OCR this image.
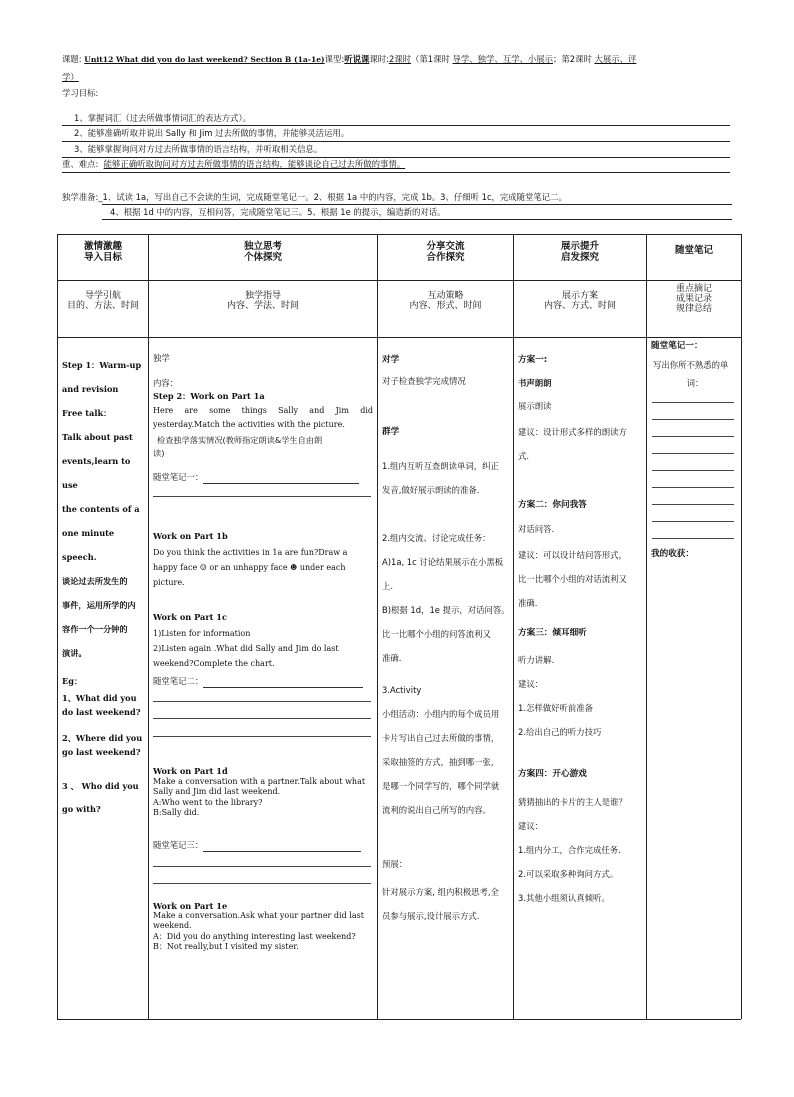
课题: Unit12 What did you do last weekend? Section B (1a-1e)课型:听说课课时:2课时（第1课时 导学、独学、互学、小展示；第2课时 大展示、评
学）
学习目标:
1、掌握词汇（过去所做事情词汇的表达方式）。
2、能够准确听取并说出 Sally 和 Jim 过去所做的事情，并能够灵活运用。
3、能够掌握询问对方过去所做事情的语言结构，并听取相关信息。
重、难点: 能够正确听取询问对方过去所做事情的语言结构，能够谈论自己过去所做的事情。
独学准备:_1、试读 1a，写出自己不会读的生词，完成随堂笔记一。2、根据 1a 中的内容，完成 1b。3、仔细听 1c，完成随堂笔记二。
4、根据 1d 中的内容，互相问答，完成随堂笔记三。5、根据 1e 的提示，编造新的对话。

激情激趣

导入目标

独立思考

个体探究

分享交流

合作探究

展示提升

启发探究

随堂笔记

导学引航

目的、方法、时间

独学指导

内容、学法、时间

互动策略

内容、形式、时间

展示方案

内容、方式、时间

重点摘记

成果记录

规律总结

Step 1：Warm-up

and revision

Free talk：

Talk about past

events,learn to use

the contents of a

one minute

speech.

谈论过去所发生的

事件，运用所学的内

容作一个一分钟的

演讲。

Eg：

1、What did you

do last weekend?

2、Where did you

go last weekend?

3 、 Who did you

go with?

独学
内容：
Step 2：Work on Part 1a

Here are some things Sally and Jim did

yesterday.Match the activities with the picture.

检查独学落实情况(教师指定朗读&学生自由朗

读)

随堂笔记一：
Work on Part 1b

Do you think the activities in 1a are fun?Draw a

happy face ☺ or an unhappy face ☻ under each

picture.

Work on Part 1c

1)Listen for information

2)Listen again .What did Sally and Jim do last

weekend?Complete the chart.

随堂笔记二：
Work on Part 1d

Make a conversation with a partner.Talk about what

Sally and Jim did last weekend.

A:Who went to the library?

B:Sally did.

随堂笔记三：
Work on Part 1e

Make a conversation.Ask what your partner did last

weekend.

A：Did you do anything interesting last weekend?

B：Not really,but I visited my sister.

对学
对子检查独学完成情况
群学

1.组内互听互查朗读单词，纠正

发音,做好展示朗读的准备.

2.组内交流、讨论完成任务：

A)1a, 1c 讨论结果展示在小黑板

上.

B)根据 1d，1e 提示，对话问答。

比一比哪个小组的问答流利又

准确.

3.Activity

小组活动：小组内的每个成员用

卡片写出自己过去所做的事情，

采取抽签的方式，抽到哪一张，

是哪一个同学写的，哪个同学就

流利的说出自己所写的内容。

预展：

针对展示方案, 组内积极思考,全

员参与展示,设计展示方式.

方案一:
书声朗朗
展示朗读

建议：设计形式多样的朗读方

式.

方案二：你问我答
对话问答.

建议：可以设计结问答形式，

比一比哪个小组的对话流利又

准确.

方案三：倾耳细听

听力讲解.

建议：

1.怎样做好听前准备

2.给出自己的听力技巧

方案四：开心游戏

猜猜抽出的卡片的主人是谁？

建议：

1.组内分工，合作完成任务.

2.可以采取多种询问方式。

3.其他小组须认真倾听。

随堂笔记一：

写出你所不熟悉的单

词：

我的收获：
